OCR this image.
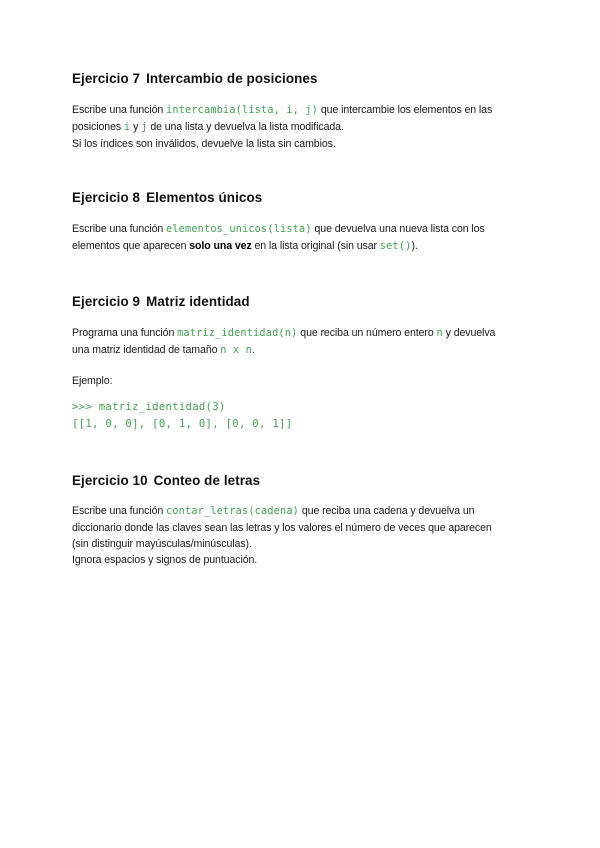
Ejercicio 7 Intercambio de posiciones

Escribe una función intercambia(lista, i, j) que intercambie los elementos en las

posiciones i y j de una lista y devuelva la lista modificada.

Si los índices son inválidos, devuelve la lista sin cambios.

Ejercicio 8 Elementos únicos

Escribe una función elementos_unicos(lista) que devuelva una nueva lista con los

elementos que aparecen solo una vez en la lista original (sin usar set()).

Ejercicio 9 Matriz identidad

Programa una función matriz_identidad(n) que reciba un número entero n y devuelva

una matriz identidad de tamaño n x n.

Ejemplo:

>>> matriz_identidad(3)
[[1, 0, 0], [0, 1, 0], [0, 0, 1]]
Ejercicio 10 Conteo de letras

Escribe una función contar_letras(cadena) que reciba una cadena y devuelva un

diccionario donde las claves sean las letras y los valores el número de veces que aparecen

(sin distinguir mayúsculas/minúsculas).

Ignora espacios y signos de puntuación.
